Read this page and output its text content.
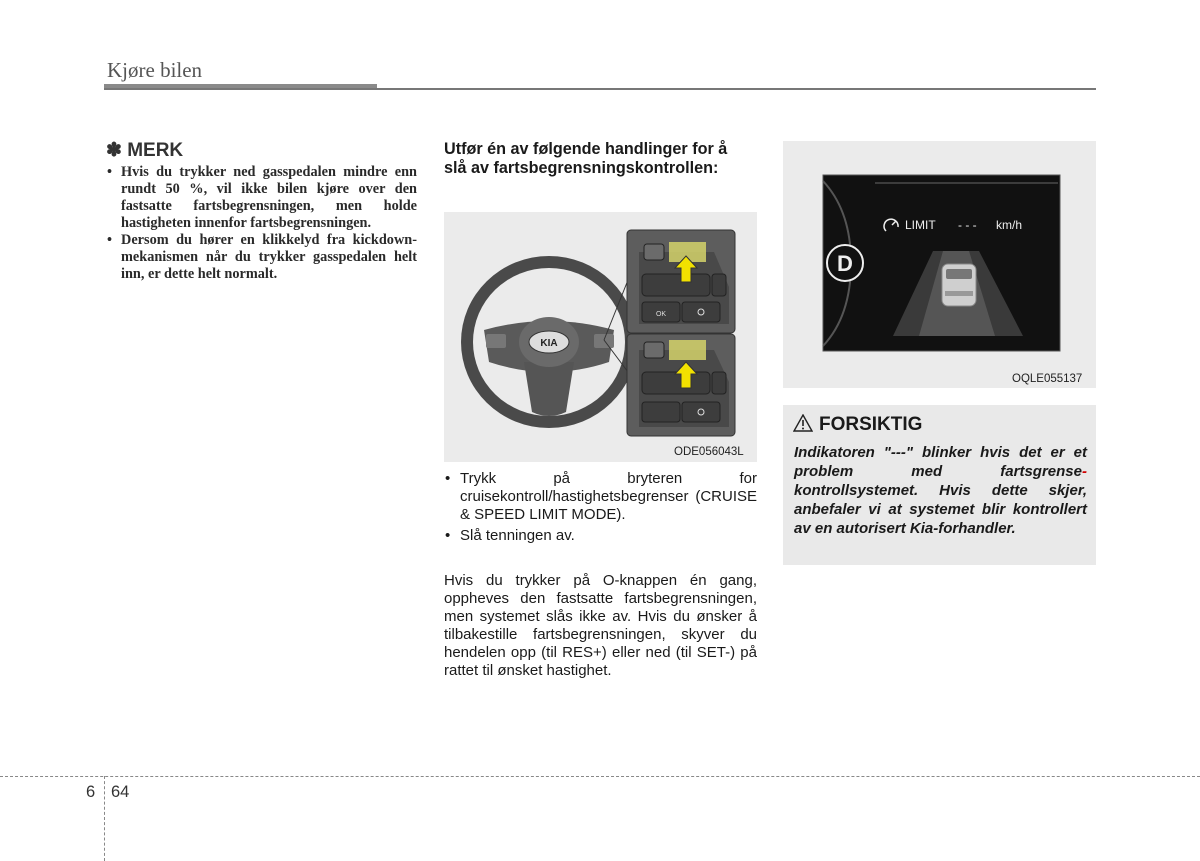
Kjøre bilen
✽ MERK
• Hvis du trykker ned gasspedalen mindre enn rundt 50 %, vil ikke bilen kjøre over den fastsatte fartsbegrensningen, men holde hastigheten innenfor fartsbegrensningen.
• Dersom du hører en klikkelyd fra kickdown-mekanismen når du trykker gasspedalen helt inn, er dette helt normalt.
Utfør én av følgende handlinger for å slå av fartsbegrensningskontrollen:
KIA
OK
ODE056043L
• Trykk på bryteren for cruisekontroll/hastighetsbegrenser (CRUISE & SPEED LIMIT MODE).
• Slå tenningen av.

Hvis du trykker på O-knappen én gang, oppheves den fastsatte fartsbegrensningen, men systemet slås ikke av. Hvis du ønsker å tilbakestille fartsbegrensningen, skyver du hendelen opp (til RES+) eller ned (til SET-) på rattet til ønsket hastighet.

D
LIMIT - - - km/h
OQLE055137
FORSIKTIG

Indikatoren "---" blinker hvis det er et problem med fartsgrense- kontrollsystemet. Hvis dette skjer, anbefaler vi at systemet blir kontrollert av en autorisert Kia-forhandler.

6 64
